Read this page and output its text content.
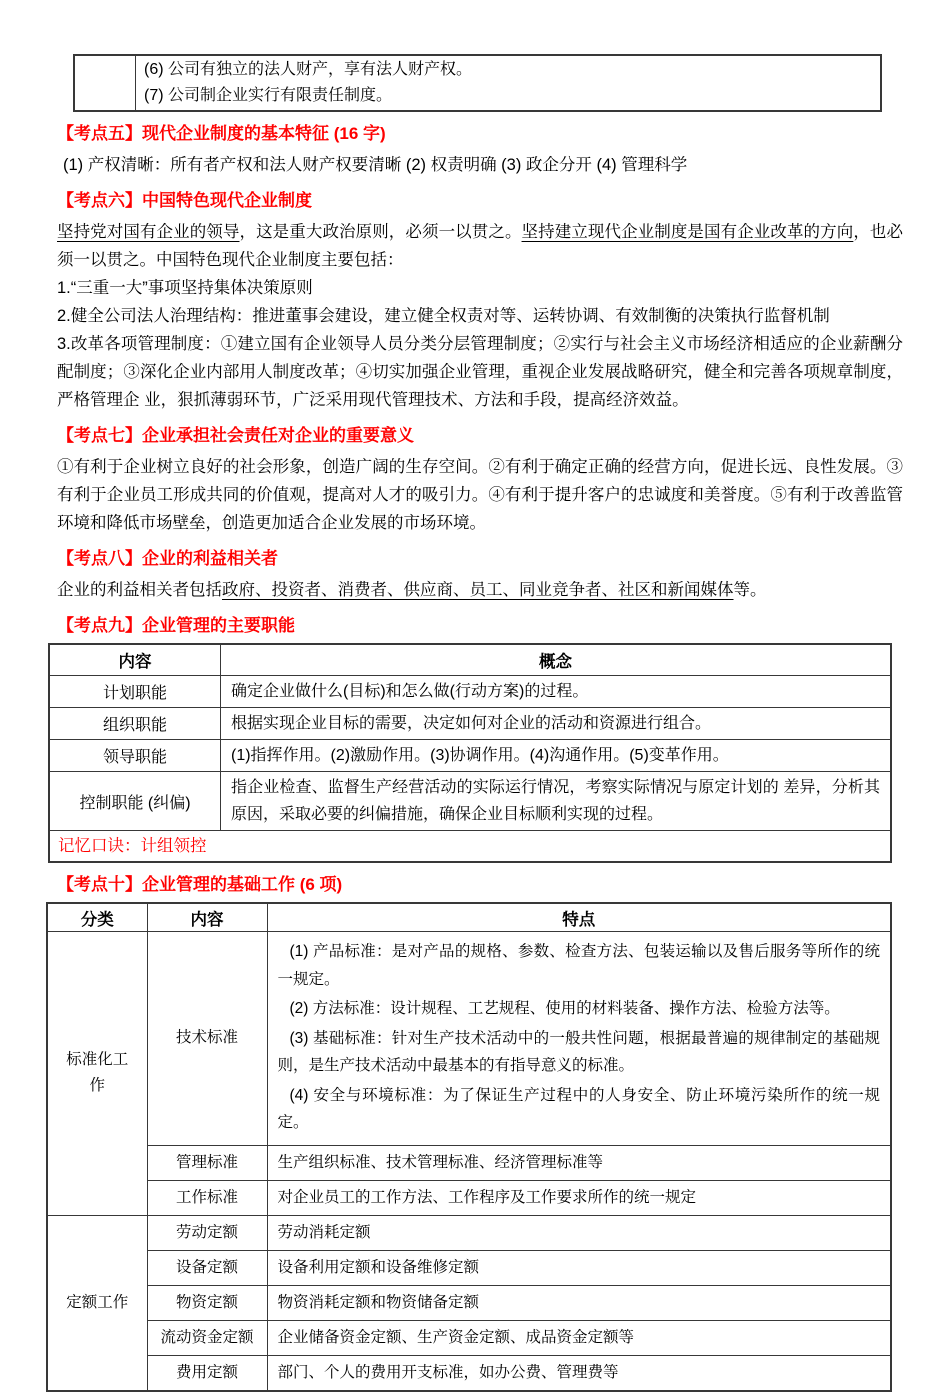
(6) 公司有独立的法人财产，享有法人财产权。
(7) 公司制企业实行有限责任制度。
【考点五】现代企业制度的基本特征 (16 字)

(1) 产权清晰：所有者产权和法人财产权要清晰 (2) 权责明确 (3) 政企分开 (4) 管理科学

【考点六】中国特色现代企业制度

坚持党对国有企业的领导，这是重大政治原则，必须一以贯之。坚持建立现代企业制度是国有企业改革的方向，也必须一以贯之。中国特色现代企业制度主要包括：

1.“三重一大”事项坚持集体决策原则

2.健全公司法人治理结构：推进董事会建设，建立健全权责对等、运转协调、有效制衡的决策执行监督机制

3.改革各项管理制度：①建立国有企业领导人员分类分层管理制度；②实行与社会主义市场经济相适应的企业薪酬分配制度；③深化企业内部用人制度改革；④切实加强企业管理，重视企业发展战略研究，健全和完善各项规章制度，严格管理企 业，狠抓薄弱环节，广泛采用现代管理技术、方法和手段，提高经济效益。

【考点七】企业承担社会责任对企业的重要意义

①有利于企业树立良好的社会形象，创造广阔的生存空间。②有利于确定正确的经营方向，促进长远、良性发展。③有利于企业员工形成共同的价值观，提高对人才的吸引力。④有利于提升客户的忠诚度和美誉度。⑤有利于改善监管环境和降低市场壁垒，创造更加适合企业发展的市场环境。

【考点八】企业的利益相关者

企业的利益相关者包括政府、投资者、消费者、供应商、员工、同业竞争者、社区和新闻媒体等。

【考点九】企业管理的主要职能
内容	概念
计划职能	确定企业做什么(目标)和怎么做(行动方案)的过程。
组织职能	根据实现企业目标的需要，决定如何对企业的活动和资源进行组合。
领导职能	(1)指挥作用。(2)激励作用。(3)协调作用。(4)沟通作用。(5)变革作用。
控制职能 (纠偏)	指企业检查、监督生产经营活动的实际运行情况，考察实际情况与原定计划的 差异，分析其原因，采取必要的纠偏措施，确保企业目标顺利实现的过程。
记忆口诀：计组领控	
【考点十】企业管理的基础工作 (6 项)
分类	内容	特点
标准化工作	技术标准	(1) 产品标准：是对产品的规格、参数、检查方法、包装运输以及售后服务等所作的统一规定。

(2) 方法标准：设计规程、工艺规程、使用的材料装备、操作方法、检验方法等。

(3) 基础标准：针对生产技术活动中的一般共性问题，根据最普遍的规律制定的基础规则，是生产技术活动中最基本的有指导意义的标准。

(4) 安全与环境标准：为了保证生产过程中的人身安全、防止环境污染所作的统一规定。

	管理标准	生产组织标准、技术管理标准、经济管理标准等
	工作标准	对企业员工的工作方法、工作程序及工作要求所作的统一规定
定额工作	劳动定额	劳动消耗定额
	设备定额	设备利用定额和设备维修定额
	物资定额	物资消耗定额和物资储备定额
	流动资金定额	企业储备资金定额、生产资金定额、成品资金定额等
	费用定额	部门、个人的费用开支标准，如办公费、管理费等
